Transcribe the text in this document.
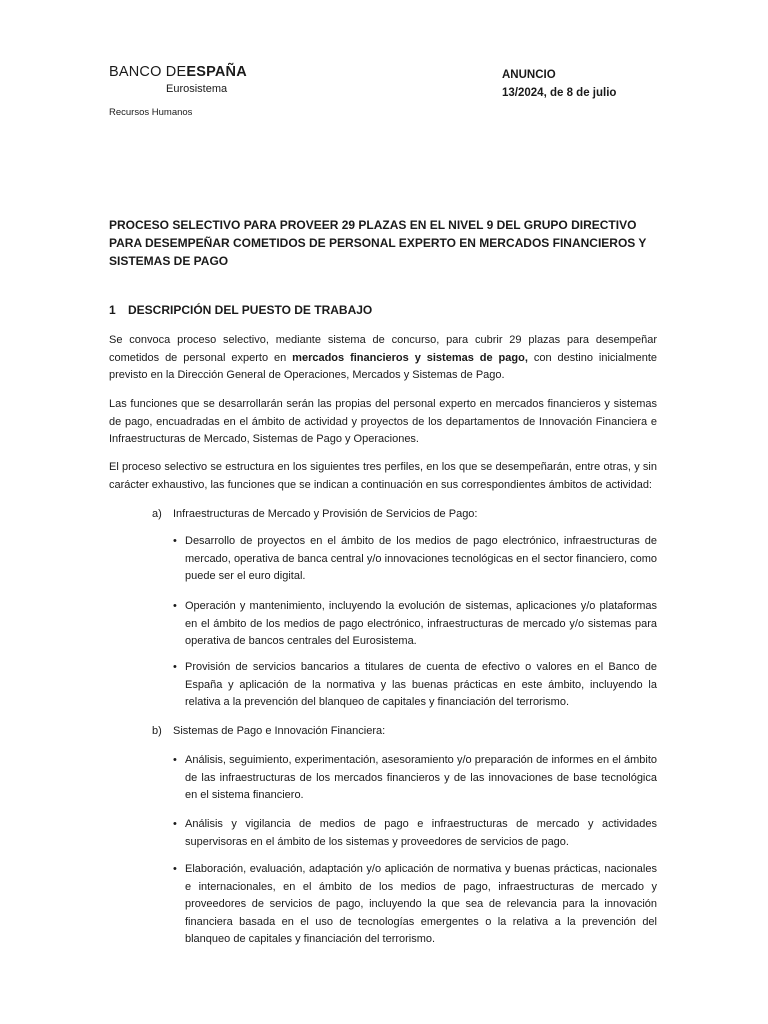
BANCO DEESPAÑA
Eurosistema
ANUNCIO
13/2024, de 8 de julio
Recursos Humanos
PROCESO SELECTIVO PARA PROVEER 29 PLAZAS EN EL NIVEL 9 DEL GRUPO DIRECTIVO PARA DESEMPEÑAR COMETIDOS DE PERSONAL EXPERTO EN MERCADOS FINANCIEROS Y SISTEMAS DE PAGO
1 DESCRIPCIÓN DEL PUESTO DE TRABAJO

Se convoca proceso selectivo, mediante sistema de concurso, para cubrir 29 plazas para desempeñar cometidos de personal experto en mercados financieros y sistemas de pago, con destino inicialmente previsto en la Dirección General de Operaciones, Mercados y Sistemas de Pago.

Las funciones que se desarrollarán serán las propias del personal experto en mercados financieros y sistemas de pago, encuadradas en el ámbito de actividad y proyectos de los departamentos de Innovación Financiera e Infraestructuras de Mercado, Sistemas de Pago y Operaciones.

El proceso selectivo se estructura en los siguientes tres perfiles, en los que se desempeñarán, entre otras, y sin carácter exhaustivo, las funciones que se indican a continuación en sus correspondientes ámbitos de actividad:

a) Infraestructuras de Mercado y Provisión de Servicios de Pago:

• Desarrollo de proyectos en el ámbito de los medios de pago electrónico, infraestructuras de mercado, operativa de banca central y/o innovaciones tecnológicas en el sector financiero, como puede ser el euro digital.

• Operación y mantenimiento, incluyendo la evolución de sistemas, aplicaciones y/o plataformas en el ámbito de los medios de pago electrónico, infraestructuras de mercado y/o sistemas para operativa de bancos centrales del Eurosistema.

• Provisión de servicios bancarios a titulares de cuenta de efectivo o valores en el Banco de España y aplicación de la normativa y las buenas prácticas en este ámbito, incluyendo la relativa a la prevención del blanqueo de capitales y financiación del terrorismo.

b) Sistemas de Pago e Innovación Financiera:

• Análisis, seguimiento, experimentación, asesoramiento y/o preparación de informes en el ámbito de las infraestructuras de los mercados financieros y de las innovaciones de base tecnológica en el sistema financiero.

• Análisis y vigilancia de medios de pago e infraestructuras de mercado y actividades supervisoras en el ámbito de los sistemas y proveedores de servicios de pago.

• Elaboración, evaluación, adaptación y/o aplicación de normativa y buenas prácticas, nacionales e internacionales, en el ámbito de los medios de pago, infraestructuras de mercado y proveedores de servicios de pago, incluyendo la que sea de relevancia para la innovación financiera basada en el uso de tecnologías emergentes o la relativa a la prevención del blanqueo de capitales y financiación del terrorismo.
